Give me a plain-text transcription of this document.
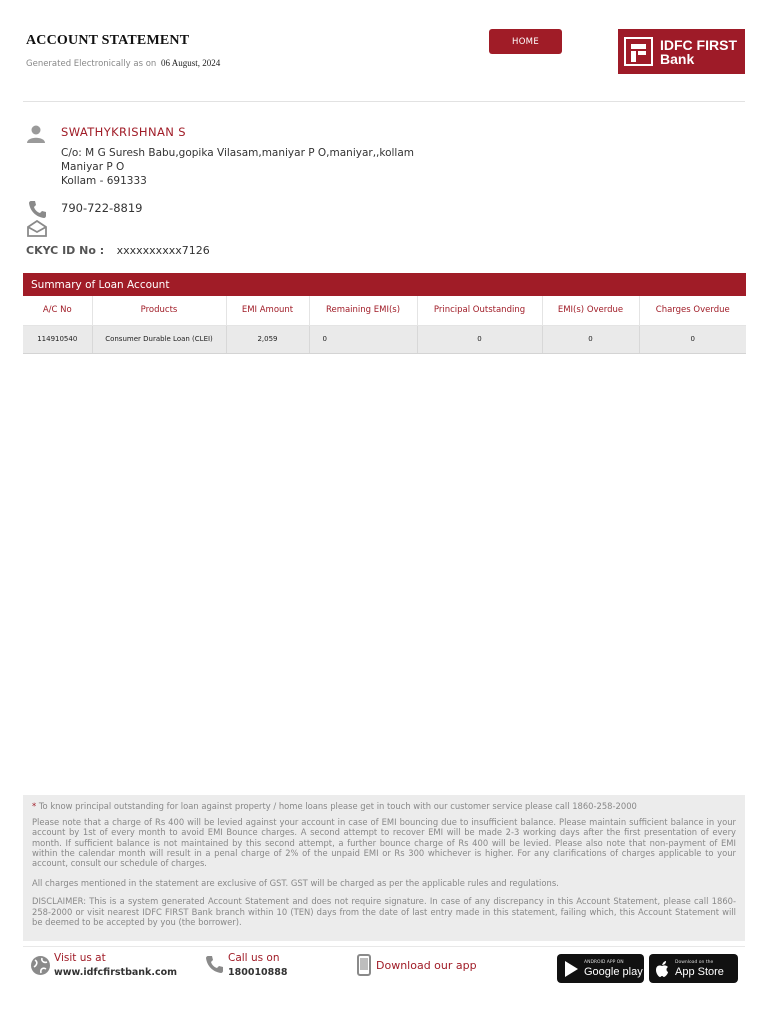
ACCOUNT STATEMENT
Generated Electronically as on 06 August, 2024
HOME	IDFC FIRST
Bank
SWATHYKRISHNAN S
C/o: M G Suresh Babu,gopika Vilasam,maniyar P O,maniyar,,kollam
Maniyar P O
Kollam - 691333
790-722-8819
CKYC ID No : xxxxxxxxxx7126
Summary of Loan Account
A/C No	Products	EMI Amount	Remaining EMI(s)	Principal Outstanding	EMI(s) Overdue	Charges Overdue
114910540	Consumer Durable Loan (CLEI)	2,059	0	0	0	0

* To know principal outstanding for loan against property / home loans please get in touch with our customer service please call 1860-258-2000

Please note that a charge of Rs 400 will be levied against your account in case of EMI bouncing due to insufficient balance. Please maintain sufficient balance in your account by 1st of every month to avoid EMI Bounce charges. A second attempt to recover EMI will be made 2-3 working days after the first presentation of every month. If sufficient balance is not maintained by this second attempt, a further bounce charge of Rs 400 will be levied. Please also note that non-payment of EMI within the calendar month will result in a penal charge of 2% of the unpaid EMI or Rs 300 whichever is higher. For any clarifications of charges applicable to your account, consult our schedule of charges.

All charges mentioned in the statement are exclusive of GST. GST will be charged as per the applicable rules and regulations.

DISCLAIMER: This is a system generated Account Statement and does not require signature. In case of any discrepancy in this Account Statement, please call 1860-258-2000 or visit nearest IDFC FIRST Bank branch within 10 (TEN) days from the date of last entry made in this statement, failing which, this Account Statement will be deemed to be accepted by you (the borrower).

Visit us at
www.idfcfirstbank.com
Call us on
180010888
Download our app	ANDROID APP ON
Google play
Download on the
App Store
